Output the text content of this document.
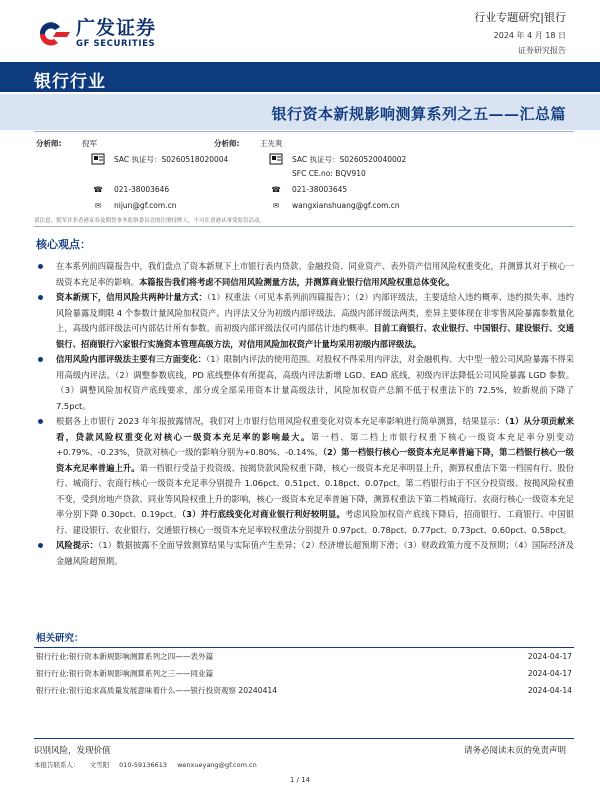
广发证券
GF SECURITIES
行业专题研究|银行
2024 年 4 月 18 日
证券研究报告
银行行业
银行资本新规影响测算系列之五——汇总篇
分析师:	倪军
SAC 执证号：S0260518020004
☎	021-38003646
✉	nijun@gf.com.cn
分析师:	王先爽
SAC 执证号：S0260520040002
SFC CE.no: BQV910
☎	021-38003645
✉	wangxianshuang@gf.com.cn
请注意，倪军并非香港证券及期货事务监察委员会的注册持牌人，不可在香港从事受监管活动。
核心观点：
在本系列前四篇报告中，我们盘点了资本新规下上市银行表内贷款、金融投资、同业资产、表外资产信用风险权重变化，并测算其对于核心一级资本充足率的影响。本篇报告我们将考虑不同信用风险测量方法，并测算商业银行信用风险权重总体变化。
资本新规下，信用风险共两种计量方式：（1）权重法（可见本系列前四篇报告）；（2）内部评级法，主要适给入违约概率、违约损失率、违约风险暴露及期限 4 个参数计量风险加权资产。内评法又分为初级内部评级法、高级内部评级法两类，差异主要体现在非零售风险暴露参数量化上，高级内部评级法可内部估计所有参数。而初级内部评级法仅可内部估计违约概率。目前工商银行、农业银行、中国银行、建设银行、交通银行、招商银行六家银行实施资本管理高级方法，对信用风险加权资产计量均采用初级内部评级法。
信用风险内部评级法主要有三方面变化：（1）限制内评法的使用范围。对股权不得采用内评法，对金融机构、大中型一般公司风险暴露不得采用高级内评法。（2）调整参数底线，PD 底线整体有所提高，高级内评法新增 LGD、EAD 底线，初级内评法降低公司风险暴露 LGD 参数。（3）调整风险加权资产底线要求，部分或全部采用资本计量高级法计，风险加权资产总额不低于权重法下的 72.5%，较新规前下降了 7.5pct。
根据各上市银行 2023 年年报披露情况，我们对上市银行信用风险权重变化对资本充足率影响进行简单测算，结果显示：（1）从分项贡献来看，贷款风险权重变化对核心一级资本充足率的影响最大。第一档、第二档上市银行权重下核心一级资本充足率分别变动+0.79%、-0.23%，贷款对核心一级的影响分别为+0.80%、-0.14%。（2）第一档银行核心一级资本充足率普遍下降，第二档银行核心一级资本充足率普遍上升。第一档银行受益于投资级、按揭贷款风险权重下降，核心一级资本充足率明显上升，测算权重法下第一档国有行、股份行、城商行、农商行核心一级资本充足率分别提升 1.06pct、0.51pct、0.18pct、0.07pct。第二档银行由于不区分投资级、按揭风险权重不变，受到房地产贷款、同业等风险权重上升的影响，核心一级资本充足率普遍下降，测算权重法下第二档城商行、农商行核心一级资本充足率分别下降 0.30pct、0.19pct。（3）并行底线变化对商业银行利好较明显。考虑风险加权资产底线下降后，招商银行、工商银行、中国银行、建设银行、农业银行、交通银行核心一级资本充足率较权重法分别提升 0.97pct、0.78pct、0.77pct、0.73pct、0.60pct、0.58pct。
风险提示：（1）数据披露不全面导致测算结果与实际值产生差异；（2）经济增长超预期下滑；（3）财政政策力度不及预期；（4）国际经济及金融风险超预期。
相关研究：
银行行业:银行资本新规影响测算系列之四——表外篇	2024-04-17
银行行业:银行资本新规影响测算系列之三——同业篇	2024-04-17
银行行业:银行追求高质量发展意味着什么——银行投资观察 20240414	2024-04-14
识别风险，发现价值	请务必阅读末页的免责声明
本报告联系人： 文雪阳 010-59136613 wenxueyang@gf.com.cn
1 / 14
